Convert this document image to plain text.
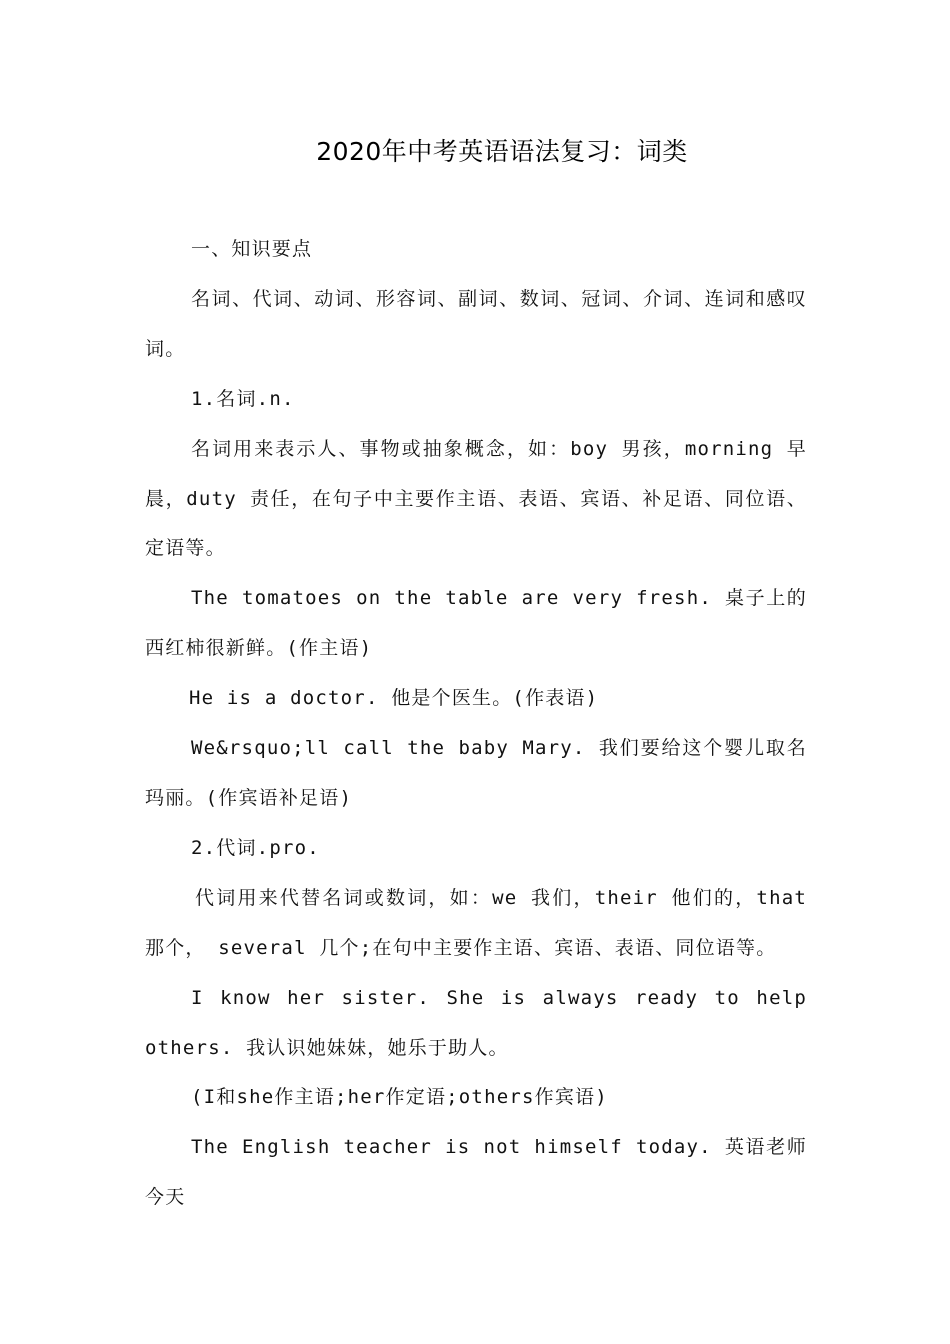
2020年中考英语语法复习：词类

一、知识要点

名词、代词、动词、形容词、副词、数词、冠词、介词、连词和感叹词。

1.名词.n.

名词用来表示人、事物或抽象概念，如：boy 男孩，morning 早晨，duty 责任，在句子中主要作主语、表语、宾语、补足语、同位语、定语等。

The tomatoes on the table are very fresh. 桌子上的西红柿很新鲜。(作主语)

He is a doctor. 他是个医生。(作表语)

We&rsquo;ll call the baby Mary. 我们要给这个婴儿取名玛丽。(作宾语补足语)

2.代词.pro.

代词用来代替名词或数词，如：we 我们，their 他们的，that 那个， several 几个;在句中主要作主语、宾语、表语、同位语等。

I know her sister. She is always ready to help others. 我认识她妹妹，她乐于助人。

(I和she作主语;her作定语;others作宾语)

The English teacher is not himself today. 英语老师今天
